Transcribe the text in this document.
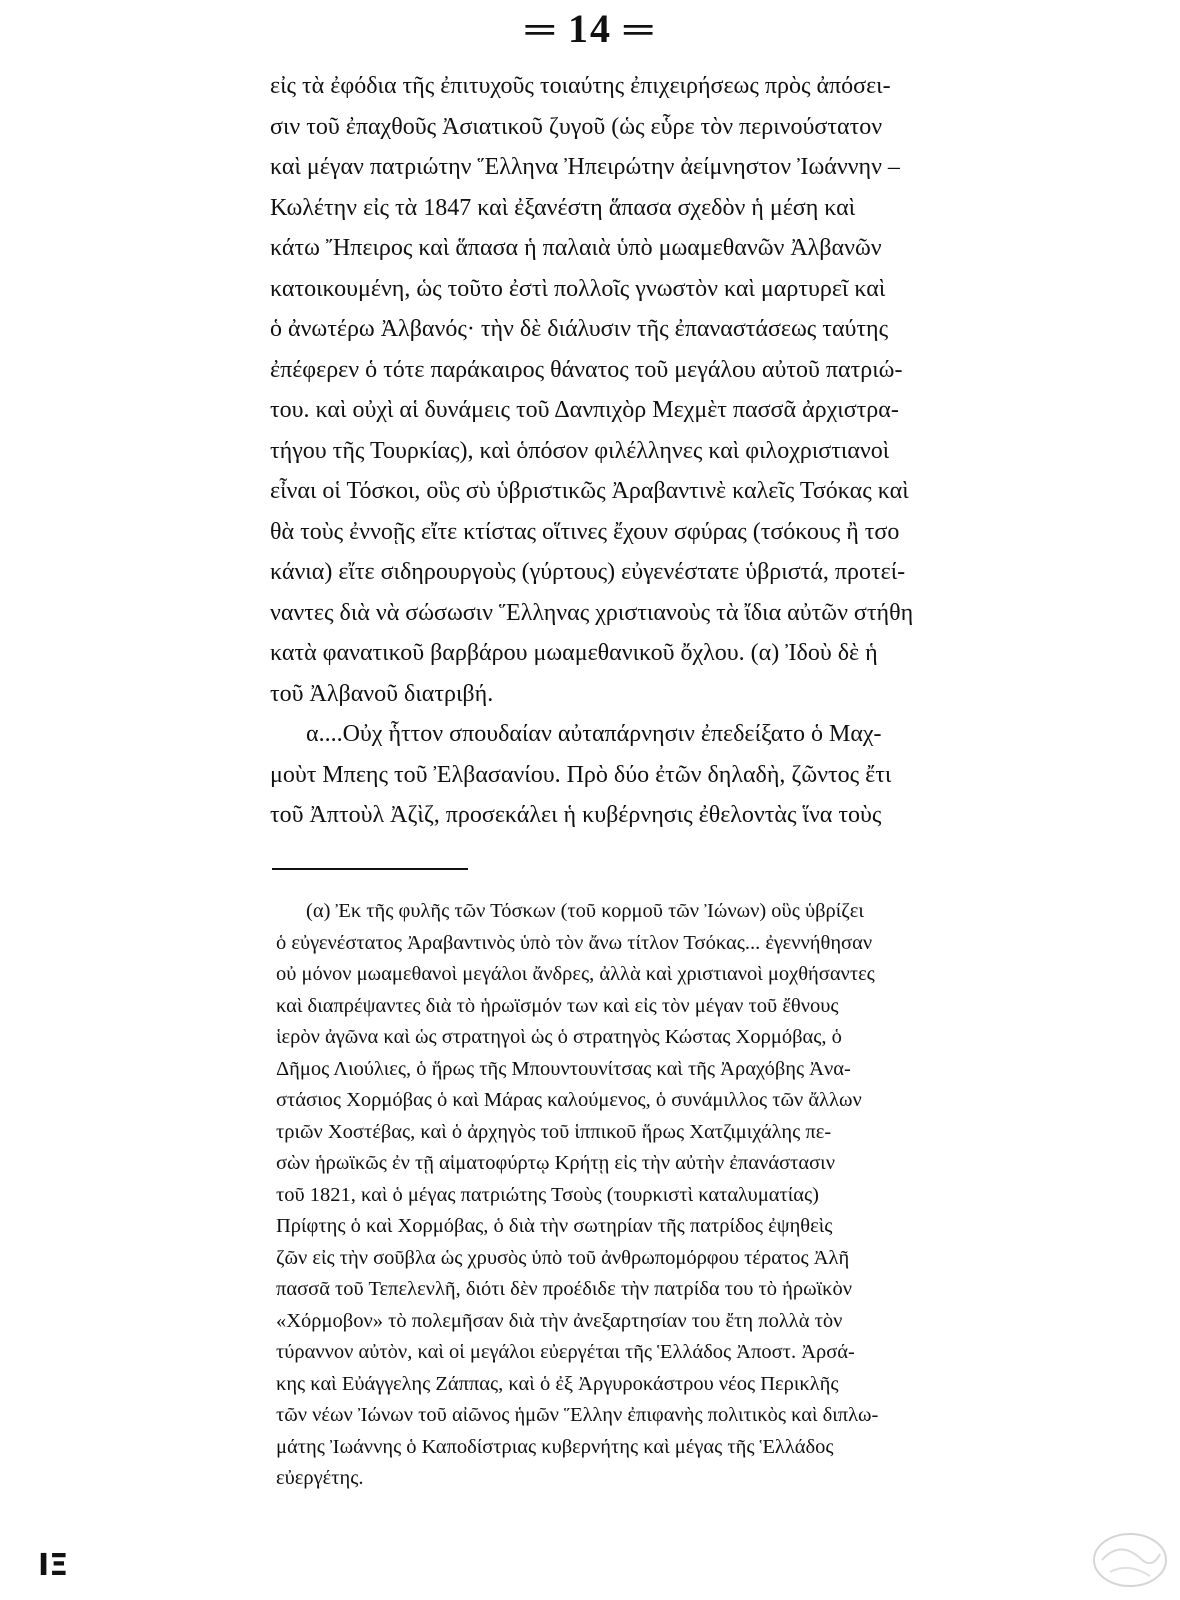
═ 14 ═
εἰς τὰ ἐφόδια τῆς ἐπιτυχοῦς τοιαύτης ἐπιχειρήσεως πρὸς ἀπόσει-
σιν τοῦ ἐπαχθοῦς Ἀσιατικοῦ ζυγοῦ (ὡς εὗρε τὸν περινούστατον
καὶ μέγαν πατριώτην Ἕλληνα Ἠπειρώτην ἀείμνηστον Ἰωάννην –
Κωλέτην εἰς τὰ 1847 καὶ ἐξανέστη ἅπασα σχεδὸν ἡ μέση καὶ
κάτω Ἤπειρος καὶ ἅπασα ἡ παλαιὰ ὑπὸ μωαμεθανῶν Ἀλβανῶν
κατοικουμένη, ὡς τοῦτο ἐστὶ πολλοῖς γνωστὸν καὶ μαρτυρεῖ καὶ
ὁ ἀνωτέρω Ἀλβανός· τὴν δὲ διάλυσιν τῆς ἐπαναστάσεως ταύτης
ἐπέφερεν ὁ τότε παράκαιρος θάνατος τοῦ μεγάλου αὐτοῦ πατριώ-
του. καὶ οὐχὶ αἱ δυνάμεις τοῦ Δανπιχὸρ Μεχμὲτ πασσᾶ ἀρχιστρα-
τήγου τῆς Τουρκίας), καὶ ὁπόσον φιλέλληνες καὶ φιλοχριστιανοὶ
εἶναι οἱ Τόσκοι, οὓς σὺ ὑβριστικῶς Ἀραβαντινὲ καλεῖς Τσόκας καὶ
θὰ τοὺς ἐννοῇς εἴτε κτίστας οἵτινες ἔχουν σφύρας (τσόκους ἢ τσο
κάνια) εἴτε σιδηρουργοὺς (γύρτους) εὐγενέστατε ὑβριστά, προτεί-
ναντες διὰ νὰ σώσωσιν Ἕλληνας χριστιανοὺς τὰ ἴδια αὐτῶν στήθη
κατὰ φανατικοῦ βαρβάρου μωαμεθανικοῦ ὄχλου. (α) Ἰδοὺ δὲ ἡ
τοῦ Ἀλβανοῦ διατριβή.
α....Οὐχ ἧττον σπουδαίαν αὐταπάρνησιν ἐπεδείξατο ὁ Μαχ-
μοὺτ Μπεης τοῦ Ἐλβασανίου. Πρὸ δύο ἐτῶν δηλαδὴ, ζῶντος ἔτι
τοῦ Ἀπτοὺλ Ἀζὶζ, προσεκάλει ἡ κυβέρνησις ἐθελοντὰς ἵνα τοὺς
(α) Ἐκ τῆς φυλῆς τῶν Τόσκων (τοῦ κορμοῦ τῶν Ἰώνων) οὓς ὑβρίζει
ὁ εὐγενέστατος Ἀραβαντινὸς ὑπὸ τὸν ἄνω τίτλον Τσόκας... ἐγεννήθησαν
οὐ μόνον μωαμεθανοὶ μεγάλοι ἄνδρες, ἀλλὰ καὶ χριστιανοὶ μοχθήσαντες
καὶ διαπρέψαντες διὰ τὸ ἡρωϊσμόν των καὶ εἰς τὸν μέγαν τοῦ ἔθνους
ἱερὸν ἀγῶνα καὶ ὡς στρατηγοὶ ὡς ὁ στρατηγὸς Κώστας Χορμόβας, ὁ
Δῆμος Λιούλιες, ὁ ἥρως τῆς Μπουντουνίτσας καὶ τῆς Ἀραχόβης Ἀνα-
στάσιος Χορμόβας ὁ καὶ Μάρας καλούμενος, ὁ συνάμιλλος τῶν ἄλλων
τριῶν Χοστέβας, καὶ ὁ ἀρχηγὸς τοῦ ἱππικοῦ ἥρως Χατζιμιχάλης πε-
σὼν ἡρωϊκῶς ἐν τῇ αἱματοφύρτῳ Κρήτῃ εἰς τὴν αὐτὴν ἐπανάστασιν
τοῦ 1821, καὶ ὁ μέγας πατριώτης Τσοὺς (τουρκιστὶ καταλυματίας)
Πρίφτης ὁ καὶ Χορμόβας, ὁ διὰ τὴν σωτηρίαν τῆς πατρίδος ἐψηθεὶς
ζῶν εἰς τὴν σοῦβλα ὡς χρυσὸς ὑπὸ τοῦ ἀνθρωπομόρφου τέρατος Ἀλῆ
πασσᾶ τοῦ Τεπελενλῆ, διότι δὲν προέδιδε τὴν πατρίδα του τὸ ἡρωϊκὸν
«Χόρμοβον» τὸ πολεμῆσαν διὰ τὴν ἀνεξαρτησίαν του ἔτη πολλὰ τὸν
τύραννον αὐτὸν, καὶ οἱ μεγάλοι εὐεργέται τῆς Ἑλλάδος Ἀποστ. Ἀρσά-
κης καὶ Εὐάγγελης Ζάππας, καὶ ὁ ἐξ Ἀργυροκάστρου νέος Περικλῆς
τῶν νέων Ἰώνων τοῦ αἰῶνος ἡμῶν Ἕλλην ἐπιφανὴς πολιτικὸς καὶ διπλω-
μάτης Ἰωάννης ὁ Καποδίστριας κυβερνήτης καὶ μέγας τῆς Ἑλλάδος
εὐεργέτης.
ΙΞ
